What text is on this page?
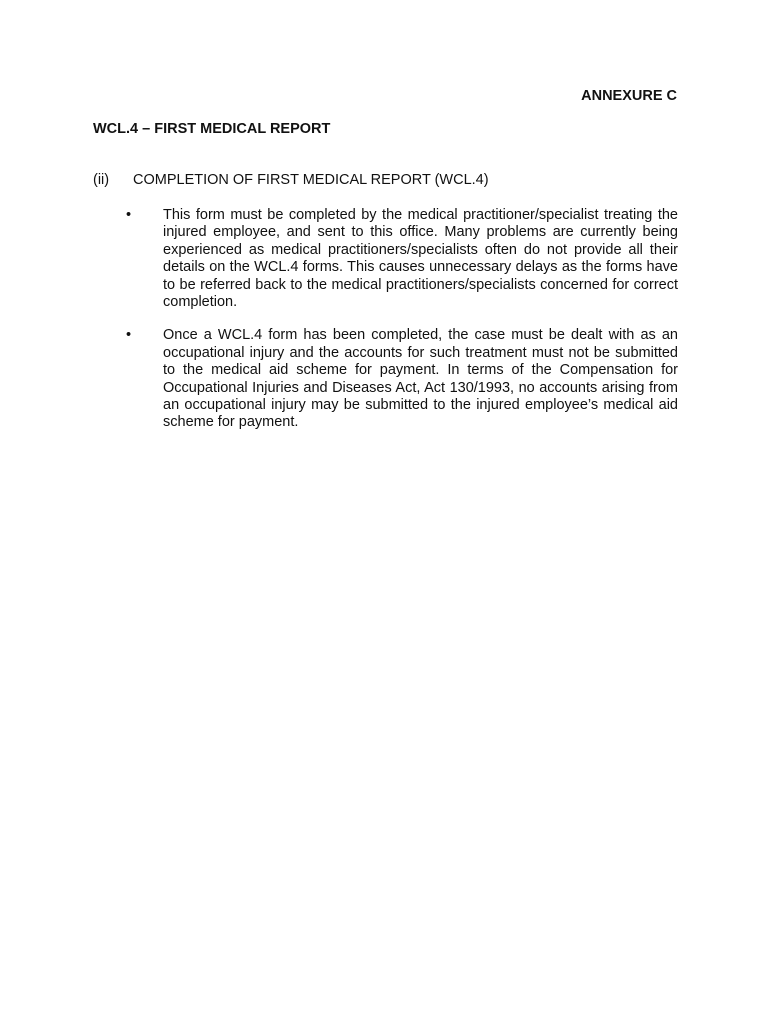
ANNEXURE C
WCL.4 – FIRST MEDICAL REPORT
(ii) COMPLETION OF FIRST MEDICAL REPORT (WCL.4)
• This form must be completed by the medical practitioner/specialist treating the injured employee, and sent to this office. Many problems are currently being experienced as medical practitioners/specialists often do not provide all their details on the WCL.4 forms. This causes unnecessary delays as the forms have to be referred back to the medical practitioners/specialists concerned for correct completion.

• Once a WCL.4 form has been completed, the case must be dealt with as an occupational injury and the accounts for such treatment must not be submitted to the medical aid scheme for payment. In terms of the Compensation for Occupational Injuries and Diseases Act, Act 130/1993, no accounts arising from an occupational injury may be submitted to the injured employee’s medical aid scheme for payment.
